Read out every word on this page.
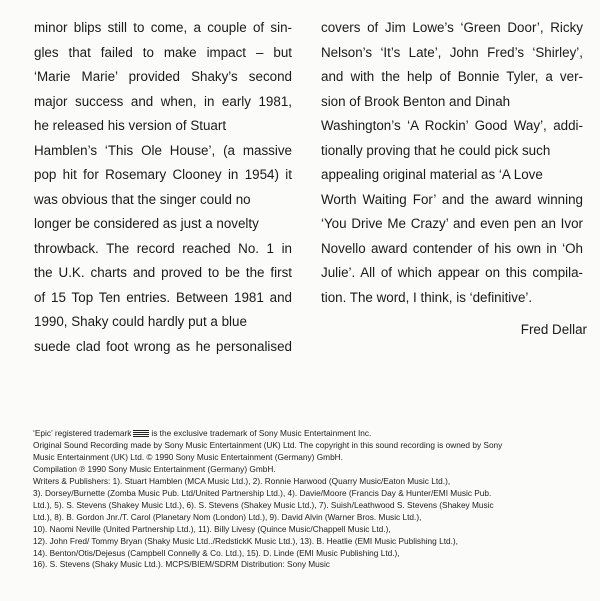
minor blips still to come, a couple of sin-
gles that failed to make impact – but
‘Marie Marie’ provided Shaky’s second
major success and when, in early 1981,
he released his version of Stuart
Hamblen’s ‘This Ole House’, (a massive
pop hit for Rosemary Clooney in 1954) it
was obvious that the singer could no
longer be considered as just a novelty
throwback. The record reached No. 1 in
the U.K. charts and proved to be the first
of 15 Top Ten entries. Between 1981 and
1990, Shaky could hardly put a blue
suede clad foot wrong as he personalised
covers of Jim Lowe’s ‘Green Door’, Ricky
Nelson’s ‘It’s Late’, John Fred’s ‘Shirley’,
and with the help of Bonnie Tyler, a ver-
sion of Brook Benton and Dinah
Washington’s ‘A Rockin’ Good Way’, addi-
tionally proving that he could pick such
appealing original material as ‘A Love
Worth Waiting For’ and the award winning
‘You Drive Me Crazy’ and even pen an Ivor
Novello award contender of his own in ‘Oh
Julie’. All of which appear on this compila-
tion. The word, I think, is ‘definitive’.
Fred Dellar
‘Epic’ registered trademark is the exclusive trademark of Sony Music Entertainment Inc.
Original Sound Recording made by Sony Music Entertainment (UK) Ltd. The copyright in this sound recording is owned by Sony
Music Entertainment (UK) Ltd. © 1990 Sony Music Entertainment (Germany) GmbH.
Compilation ℗ 1990 Sony Music Entertainment (Germany) GmbH.
Writers & Publishers: 1). Stuart Hamblen (MCA Music Ltd.), 2). Ronnie Harwood (Quarry Music/Eaton Music Ltd.),
3). Dorsey/Burnette (Zomba Music Pub. Ltd/United Partnership Ltd.), 4). Davie/Moore (Francis Day & Hunter/EMI Music Pub.
Ltd.), 5). S. Stevens (Shakey Music Ltd.), 6). S. Stevens (Shakey Music Ltd.), 7). Suish/Leathwood S. Stevens (Shakey Music
Ltd.), 8). B. Gordon Jnr./T. Carol (Planetary Nom (London) Ltd.), 9). David Alvin (Warner Bros. Music Ltd.),
10). Naomi Neville (United Partnership Ltd.), 11). Billy Livesy (Quince Music/Chappell Music Ltd.),
12). John Fred/ Tommy Bryan (Shaky Music Ltd../RedstickK Music Ltd.), 13). B. Heatlie (EMI Music Publishing Ltd.),
14). Benton/Otis/Dejesus (Campbell Connelly & Co. Ltd.), 15). D. Linde (EMI Music Publishing Ltd.),
16). S. Stevens (Shaky Music Ltd.). MCPS/BIEM/SDRM Distribution: Sony Music
